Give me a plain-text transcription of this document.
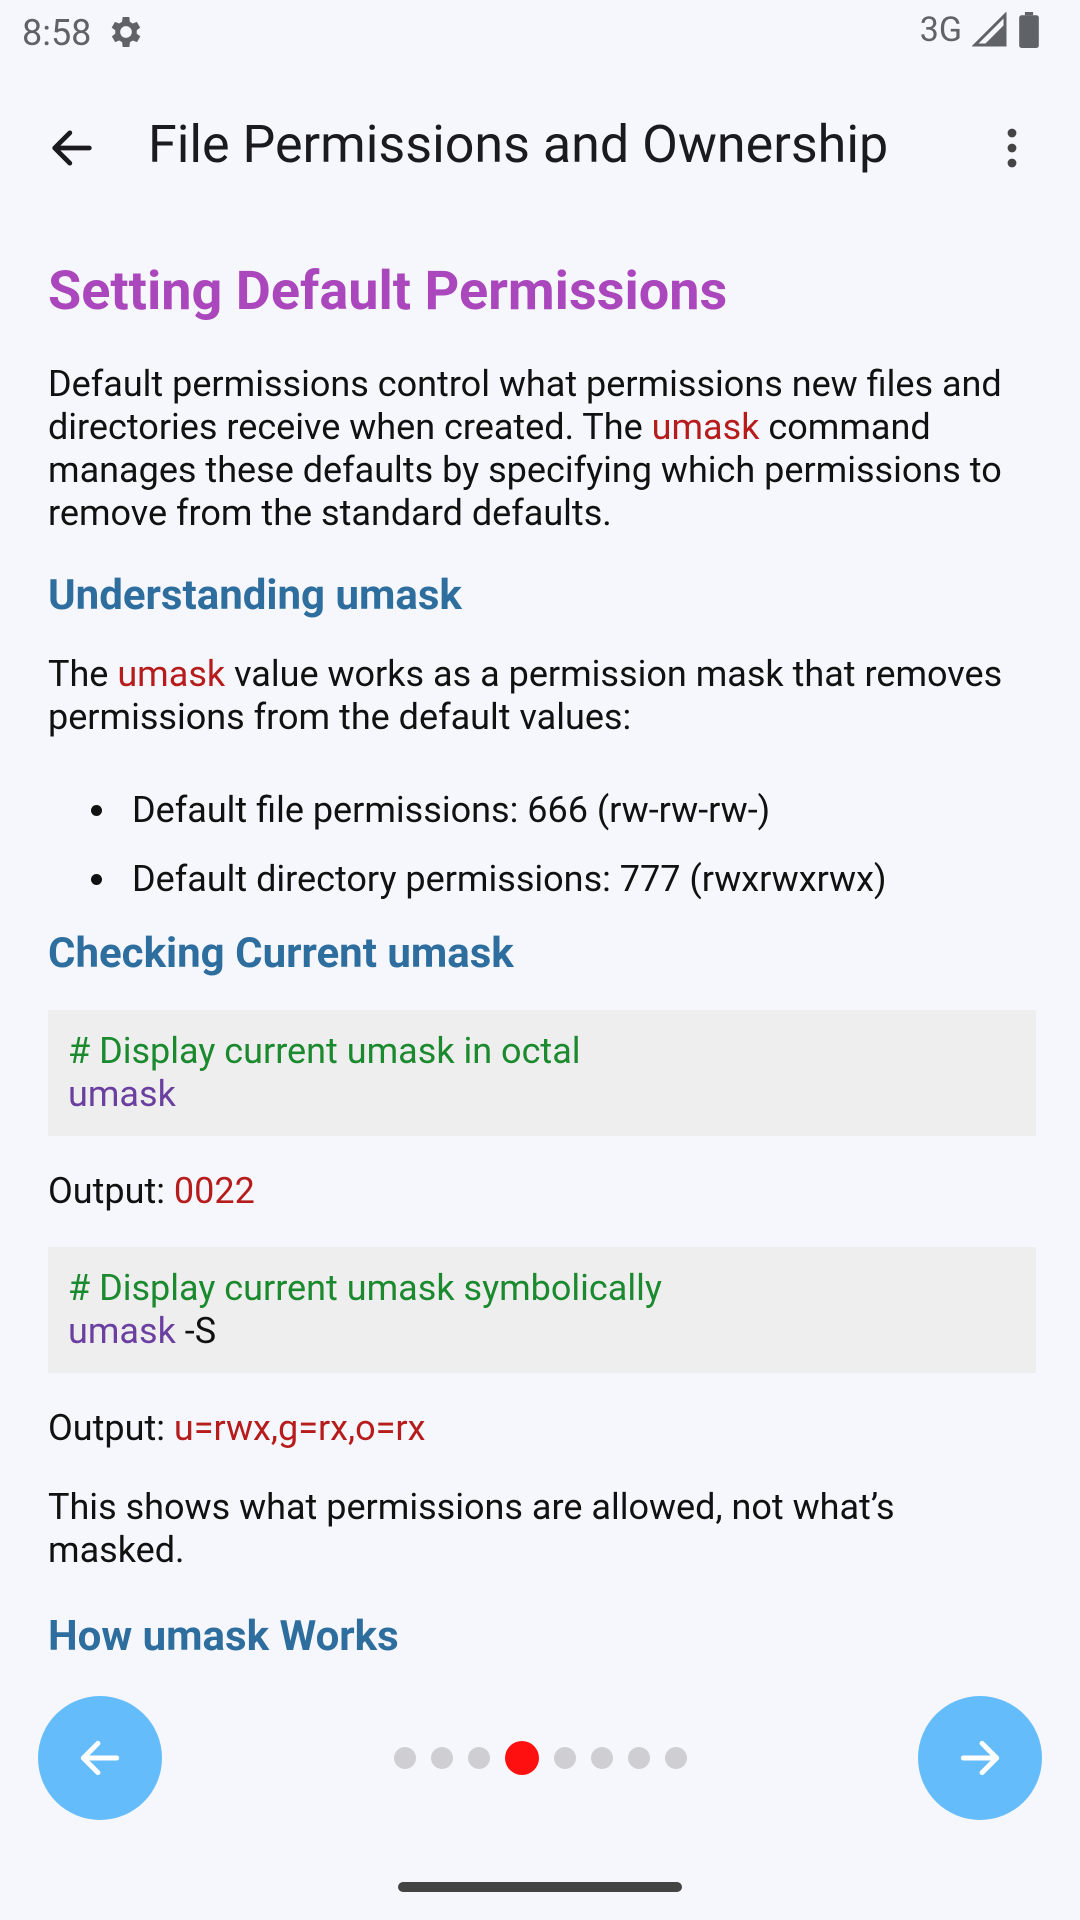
8:58	3G
File Permissions and Ownership
Setting Default Permissions

Default permissions control what permissions new files and directories receive when created. The umask command manages these defaults by specifying which permissions to remove from the standard defaults.

Understanding umask

The umask value works as a permission mask that removes permissions from the default values:

• Default file permissions: 666 (rw-rw-rw-)
• Default directory permissions: 777 (rwxrwxrwx)
Checking Current umask
# Display current umask in octal
umask

Output: 0022

# Display current umask symbolically
umask -S

Output: u=rwx,g=rx,o=rx

This shows what permissions are allowed, not what’s masked.

How umask Works
